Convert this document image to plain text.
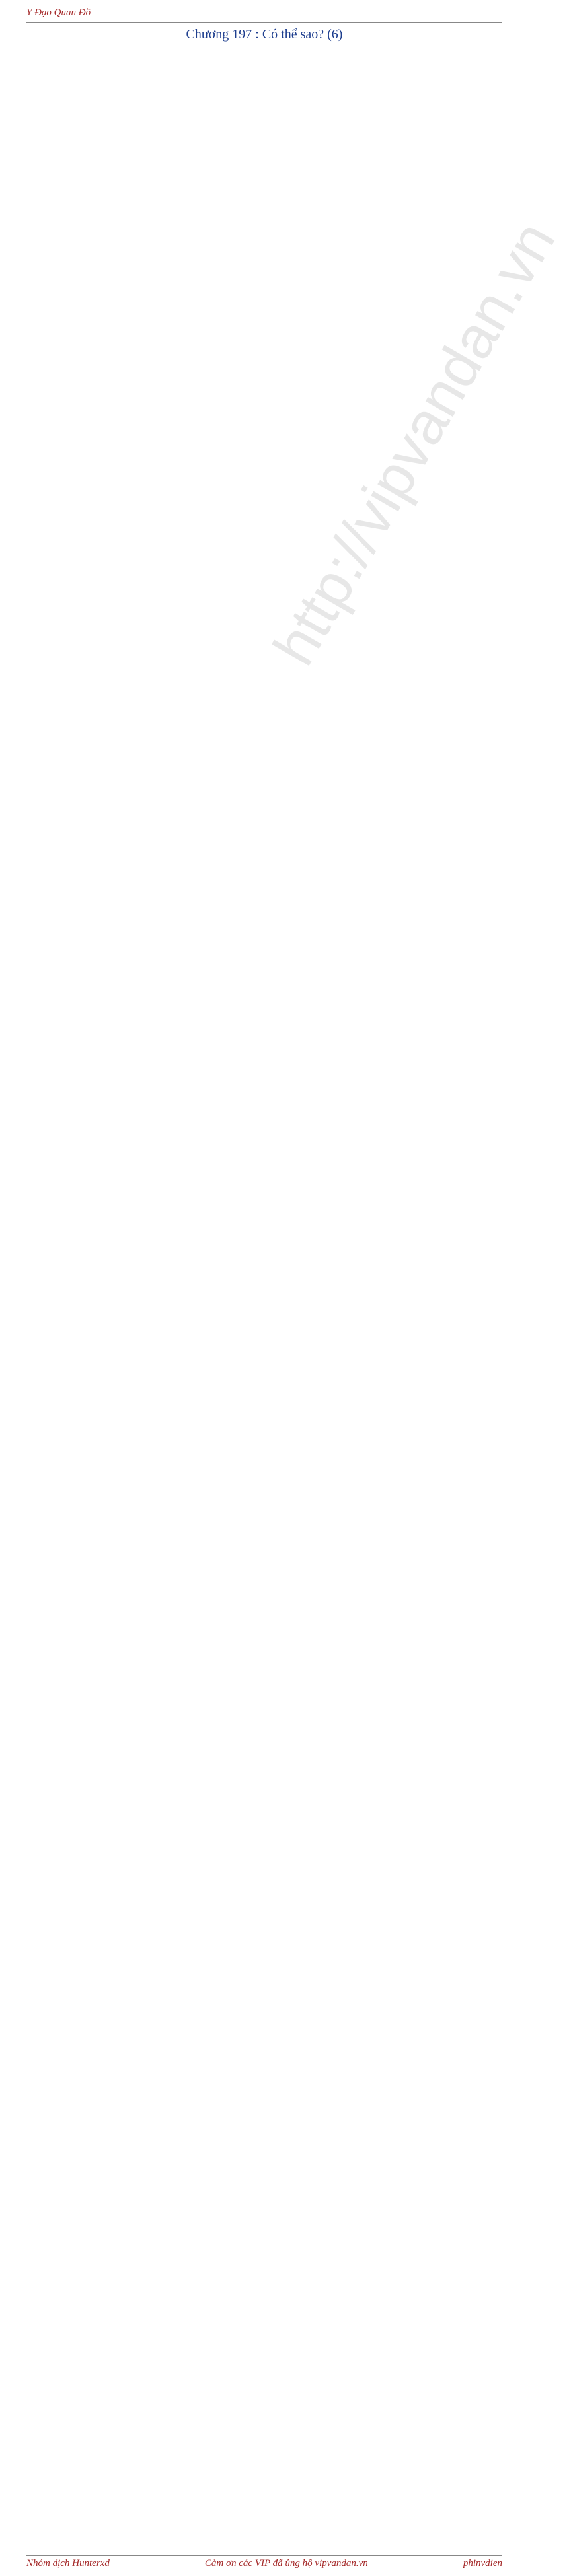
Y Đạo Quan Đồ
Chương 197 : Có thể sao? (6)
http://vipvandan.vn
Nhóm dịch Hunterxd	Cảm ơn các VIP đã ủng hộ vipvandan.vn	phinvdien
